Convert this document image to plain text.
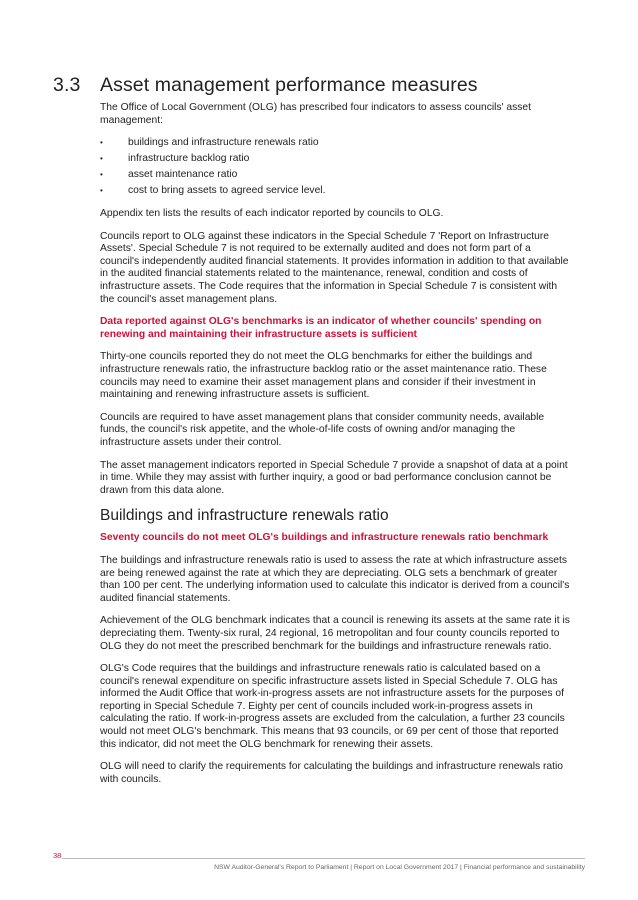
3.3 Asset management performance measures

The Office of Local Government (OLG) has prescribed four indicators to assess councils' asset management:

• buildings and infrastructure renewals ratio
• infrastructure backlog ratio
• asset maintenance ratio
• cost to bring assets to agreed service level.

Appendix ten lists the results of each indicator reported by councils to OLG.

Councils report to OLG against these indicators in the Special Schedule 7 'Report on Infrastructure Assets'. Special Schedule 7 is not required to be externally audited and does not form part of a council's independently audited financial statements. It provides information in addition to that available in the audited financial statements related to the maintenance, renewal, condition and costs of infrastructure assets. The Code requires that the information in Special Schedule 7 is consistent with the council's asset management plans.

Data reported against OLG's benchmarks is an indicator of whether councils' spending on renewing and maintaining their infrastructure assets is sufficient

Thirty-one councils reported they do not meet the OLG benchmarks for either the buildings and infrastructure renewals ratio, the infrastructure backlog ratio or the asset maintenance ratio. These councils may need to examine their asset management plans and consider if their investment in maintaining and renewing infrastructure assets is sufficient.

Councils are required to have asset management plans that consider community needs, available funds, the council's risk appetite, and the whole-of-life costs of owning and/or managing the infrastructure assets under their control.

The asset management indicators reported in Special Schedule 7 provide a snapshot of data at a point in time. While they may assist with further inquiry, a good or bad performance conclusion cannot be drawn from this data alone.

Buildings and infrastructure renewals ratio

Seventy councils do not meet OLG's buildings and infrastructure renewals ratio benchmark

The buildings and infrastructure renewals ratio is used to assess the rate at which infrastructure assets are being renewed against the rate at which they are depreciating. OLG sets a benchmark of greater than 100 per cent. The underlying information used to calculate this indicator is derived from a council's audited financial statements.

Achievement of the OLG benchmark indicates that a council is renewing its assets at the same rate it is depreciating them. Twenty-six rural, 24 regional, 16 metropolitan and four county councils reported to OLG they do not meet the prescribed benchmark for the buildings and infrastructure renewals ratio.

OLG's Code requires that the buildings and infrastructure renewals ratio is calculated based on a council's renewal expenditure on specific infrastructure assets listed in Special Schedule 7. OLG has informed the Audit Office that work-in-progress assets are not infrastructure assets for the purposes of reporting in Special Schedule 7. Eighty per cent of councils included work-in-progress assets in calculating the ratio. If work-in-progress assets are excluded from the calculation, a further 23 councils would not meet OLG's benchmark. This means that 93 councils, or 69 per cent of those that reported this indicator, did not meet the OLG benchmark for renewing their assets.

OLG will need to clarify the requirements for calculating the buildings and infrastructure renewals ratio with councils.

38
NSW Auditor-General's Report to Parliament | Report on Local Government 2017 | Financial performance and sustainability
